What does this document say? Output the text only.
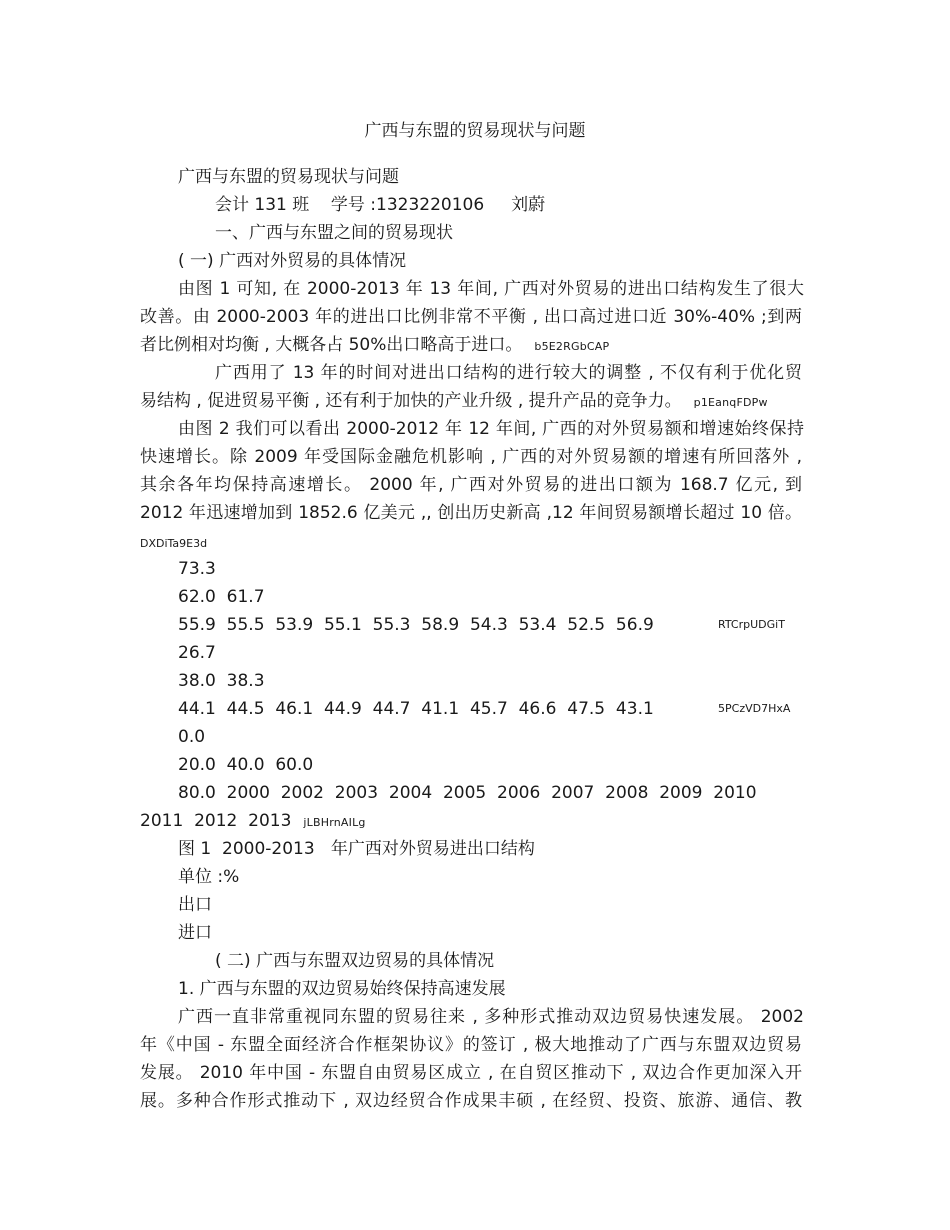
广西与东盟的贸易现状与问题
广西与东盟的贸易现状与问题
会计 131 班    学号 :1323220106     刘蔚
一、广西与东盟之间的贸易现状
( 一) 广西对外贸易的具体情况
由图 1 可知, 在 2000-2013 年 13 年间, 广西对外贸易的进出口结构发生了很大
改善。由 2000-2003 年的进出口比例非常不平衡 , 出口高过进口近 30%-40% ;到两
者比例相对均衡 , 大概各占 50%出口略高于进口。 b5E2RGbCAP
广西用了 13 年的时间对进出口结构的进行较大的调整 , 不仅有利于优化贸
易结构 , 促进贸易平衡 , 还有利于加快的产业升级 , 提升产品的竞争力。 p1EanqFDPw
由图 2 我们可以看出 2000-2012 年 12 年间, 广西的对外贸易额和增速始终保持
快速增长。除 2009 年受国际金融危机影响 , 广西的对外贸易额的增速有所回落外 ,
其余各年均保持高速增长。 2000 年, 广西对外贸易的进出口额为 168.7 亿元, 到
2012 年迅速增加到 1852.6 亿美元 ,, 创出历史新高 ,12 年间贸易额增长超过 10 倍。
DXDiTa9E3d
73.3
62.0  61.7
55.9  55.5  53.9  55.1  55.3  58.9  54.3  53.4  52.5  56.9	RTCrpUDGiT
26.7
38.0  38.3
44.1  44.5  46.1  44.9  44.7  41.1  45.7  46.6  47.5  43.1	5PCzVD7HxA
0.0
20.0  40.0  60.0
80.0  2000  2002  2003  2004  2005  2006  2007  2008  2009  2010
2011  2012  2013 jLBHrnAILg
图 1  2000-2013   年广西对外贸易进出口结构
单位 :%
出口
进口
( 二) 广西与东盟双边贸易的具体情况
1. 广西与东盟的双边贸易始终保持高速发展
广西一直非常重视同东盟的贸易往来 , 多种形式推动双边贸易快速发展。 2002
年《中国 - 东盟全面经济合作框架协议》的签订 , 极大地推动了广西与东盟双边贸易
发展。 2010 年中国 - 东盟自由贸易区成立 , 在自贸区推动下 , 双边合作更加深入开
展。多种合作形式推动下 , 双边经贸合作成果丰硕 , 在经贸、投资、旅游、通信、教
